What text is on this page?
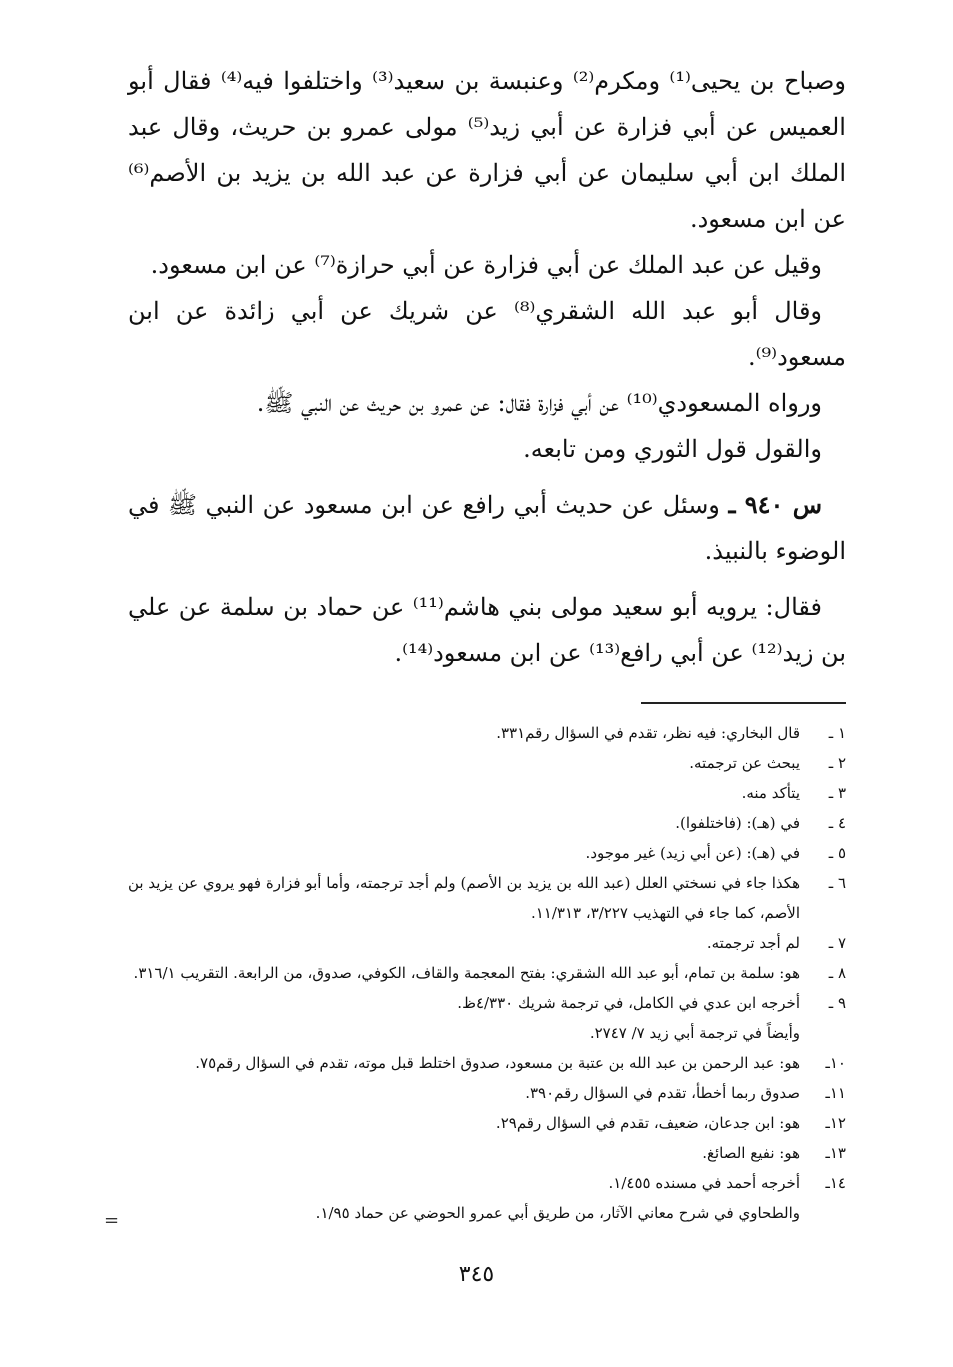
وصباح بن يحيى⁽¹⁾ ومكرم⁽²⁾ وعنبسة بن سعيد⁽³⁾ واختلفوا فيه⁽⁴⁾ فقال أبو العميس عن أبي فزارة عن أبي زيد⁽⁵⁾ مولى عمرو بن حريث، وقال عبد الملك ابن أبي سليمان عن أبي فزارة عن عبد الله بن يزيد بن الأصم⁽⁶⁾ عن ابن مسعود.

وقيل عن عبد الملك عن أبي فزارة عن أبي حرازة⁽⁷⁾ عن ابن مسعود.

وقال أبو عبد الله الشقري⁽⁸⁾ عن شريك عن أبي زائدة عن ابن مسعود⁽⁹⁾.

ورواه المسعودي⁽¹⁰⁾ عن أبي فزارة فقال: عن عمرو بن حريث عن النبي ﷺ.

والقول قول الثوري ومن تابعه.

س ٩٤٠ ـ وسئل عن حديث أبي رافع عن ابن مسعود عن النبي ﷺ في الوضوء بالنبيذ.

فقال: يرويه أبو سعيد مولى بني هاشم⁽¹¹⁾ عن حماد بن سلمة عن علي بن زيد⁽¹²⁾ عن أبي رافع⁽¹³⁾ عن ابن مسعود⁽¹⁴⁾.

١ ـ
قال البخاري: فيه نظر، تقدم في السؤال رقم٣٣١.
٢ ـ
يبحث عن ترجمته.
٣ ـ
يتأكد منه.
٤ ـ
في (هـ): (فاختلفوا).
٥ ـ
في (هـ): (عن أبي زيد) غير موجود.
٦ ـ
هكذا جاء في نسختي العلل (عبد الله بن يزيد بن الأصم) ولم أجد ترجمته، وأما أبو فزارة فهو يروي عن يزيد بن الأصم، كما جاء في التهذيب ٣/٢٢٧، ١١/٣١٣.
٧ ـ
لم أجد ترجمته.
٨ ـ
هو: سلمة بن تمام، أبو عبد الله الشقري: بفتح المعجمة والقاف، الكوفي، صدوق، من الرابعة. التقريب ٣١٦/١.
٩ ـ
أخرجه ابن عدي في الكامل، في ترجمة شريك ٤/٣٣٠ظ.
وأيضاً في ترجمة أبي زيد ٧/ ٢٧٤٧.
١٠ـ
هو: عبد الرحمن بن عبد الله بن عتبة بن مسعود، صدوق اختلط قبل موته، تقدم في السؤال رقم٧٥.
١١ـ
صدوق ربما أخطأ، تقدم في السؤال رقم٣٩٠.
١٢ـ
هو: ابن جدعان، ضعيف، تقدم في السؤال رقم٢٩.
١٣ـ
هو: نفيع الصائغ.
١٤ـ
أخرجه أحمد في مسنده ١/٤٥٥.
والطحاوي في شرح معاني الآثار، من طريق أبي عمرو الحوضي عن حماد ١/٩٥.
=
٣٤٥
